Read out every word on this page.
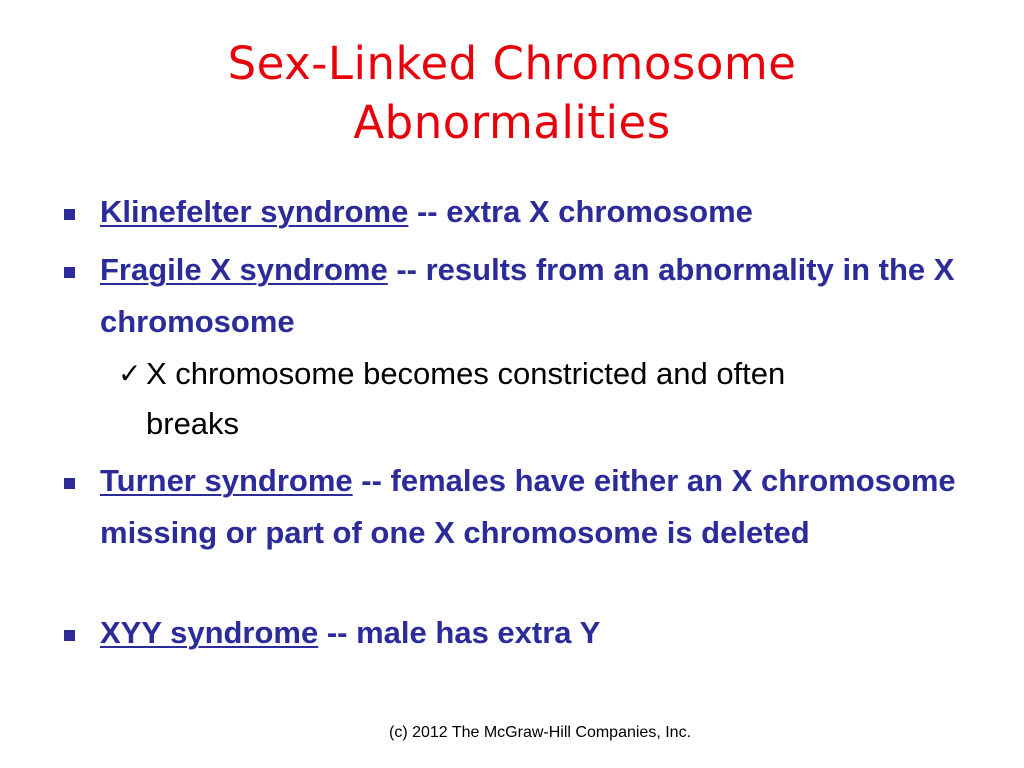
Sex-Linked Chromosome
Abnormalities
Klinefelter syndrome -- extra X chromosome
Fragile X syndrome -- results from an abnormality in the X chromosome
✓ X chromosome becomes constricted and often breaks
Turner syndrome -- females have either an X chromosome missing or part of one X chromosome is deleted
XYY syndrome -- male has extra Y
(c) 2012 The McGraw-Hill Companies, Inc.
